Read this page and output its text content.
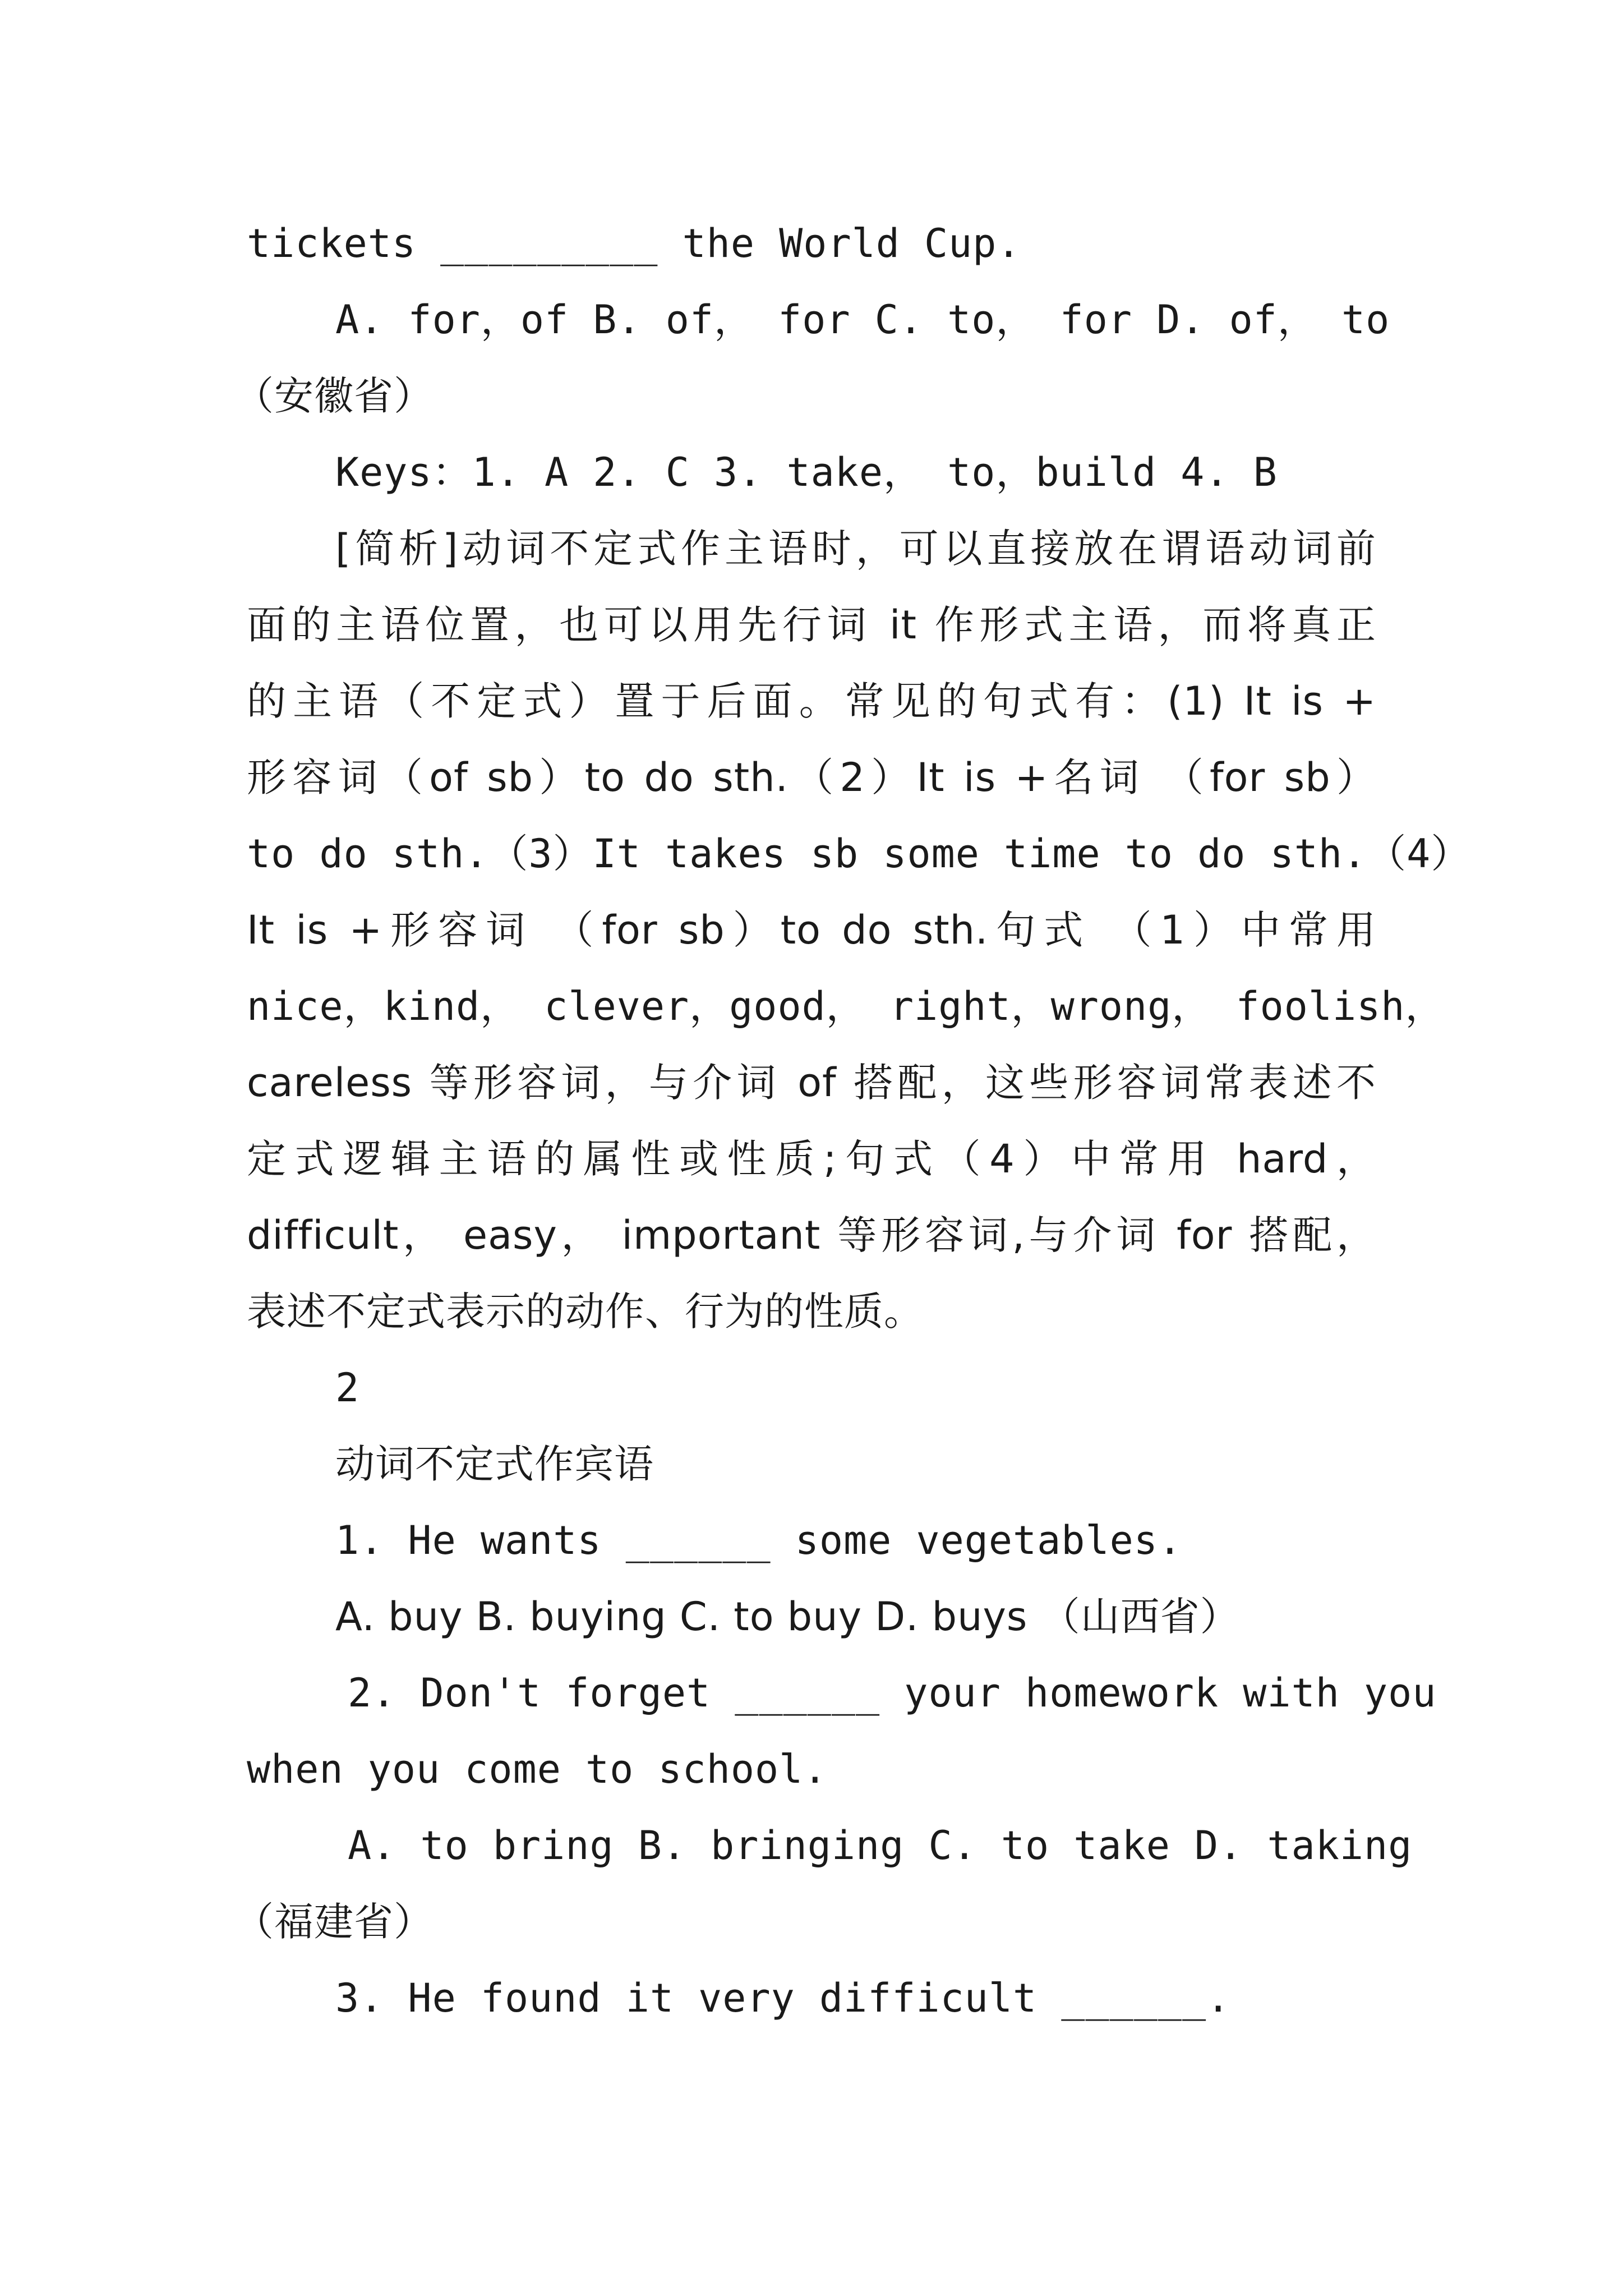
tickets _________ the World Cup.
A. for，of B. of， for C. to， for D. of， to
（安徽省）
Keys：1. A 2. C 3. take， to，build 4. B
[简析]动词不定式作主语时，可以直接放在谓语动词前
面的主语位置，也可以用先行词 it 作形式主语，而将真正
的主语（不定式）置于后面。常见的句式有：(1) It is +
形容词（of sb）to do sth.（2）It is +名词 （for sb）
to do sth.（3）It takes sb some time to do sth.（4）
It is +形容词 （for sb）to do sth.句式 （1）中常用
nice，kind， clever，good， right，wrong， foolish，
careless 等形容词，与介词 of 搭配，这些形容词常表述不
定式逻辑主语的属性或性质;句式（4）中常用 hard，
difficult， easy， important 等形容词,与介词 for 搭配，
表述不定式表示的动作、行为的性质。
2
动词不定式作宾语
1. He wants ______ some vegetables.
A. buy B. buying C. to buy D. buys （山西省）
2. Don't forget ______ your homework with you
when you come to school.
A. to bring B. bringing C. to take D. taking
（福建省）
3. He found it very difficult ______.
